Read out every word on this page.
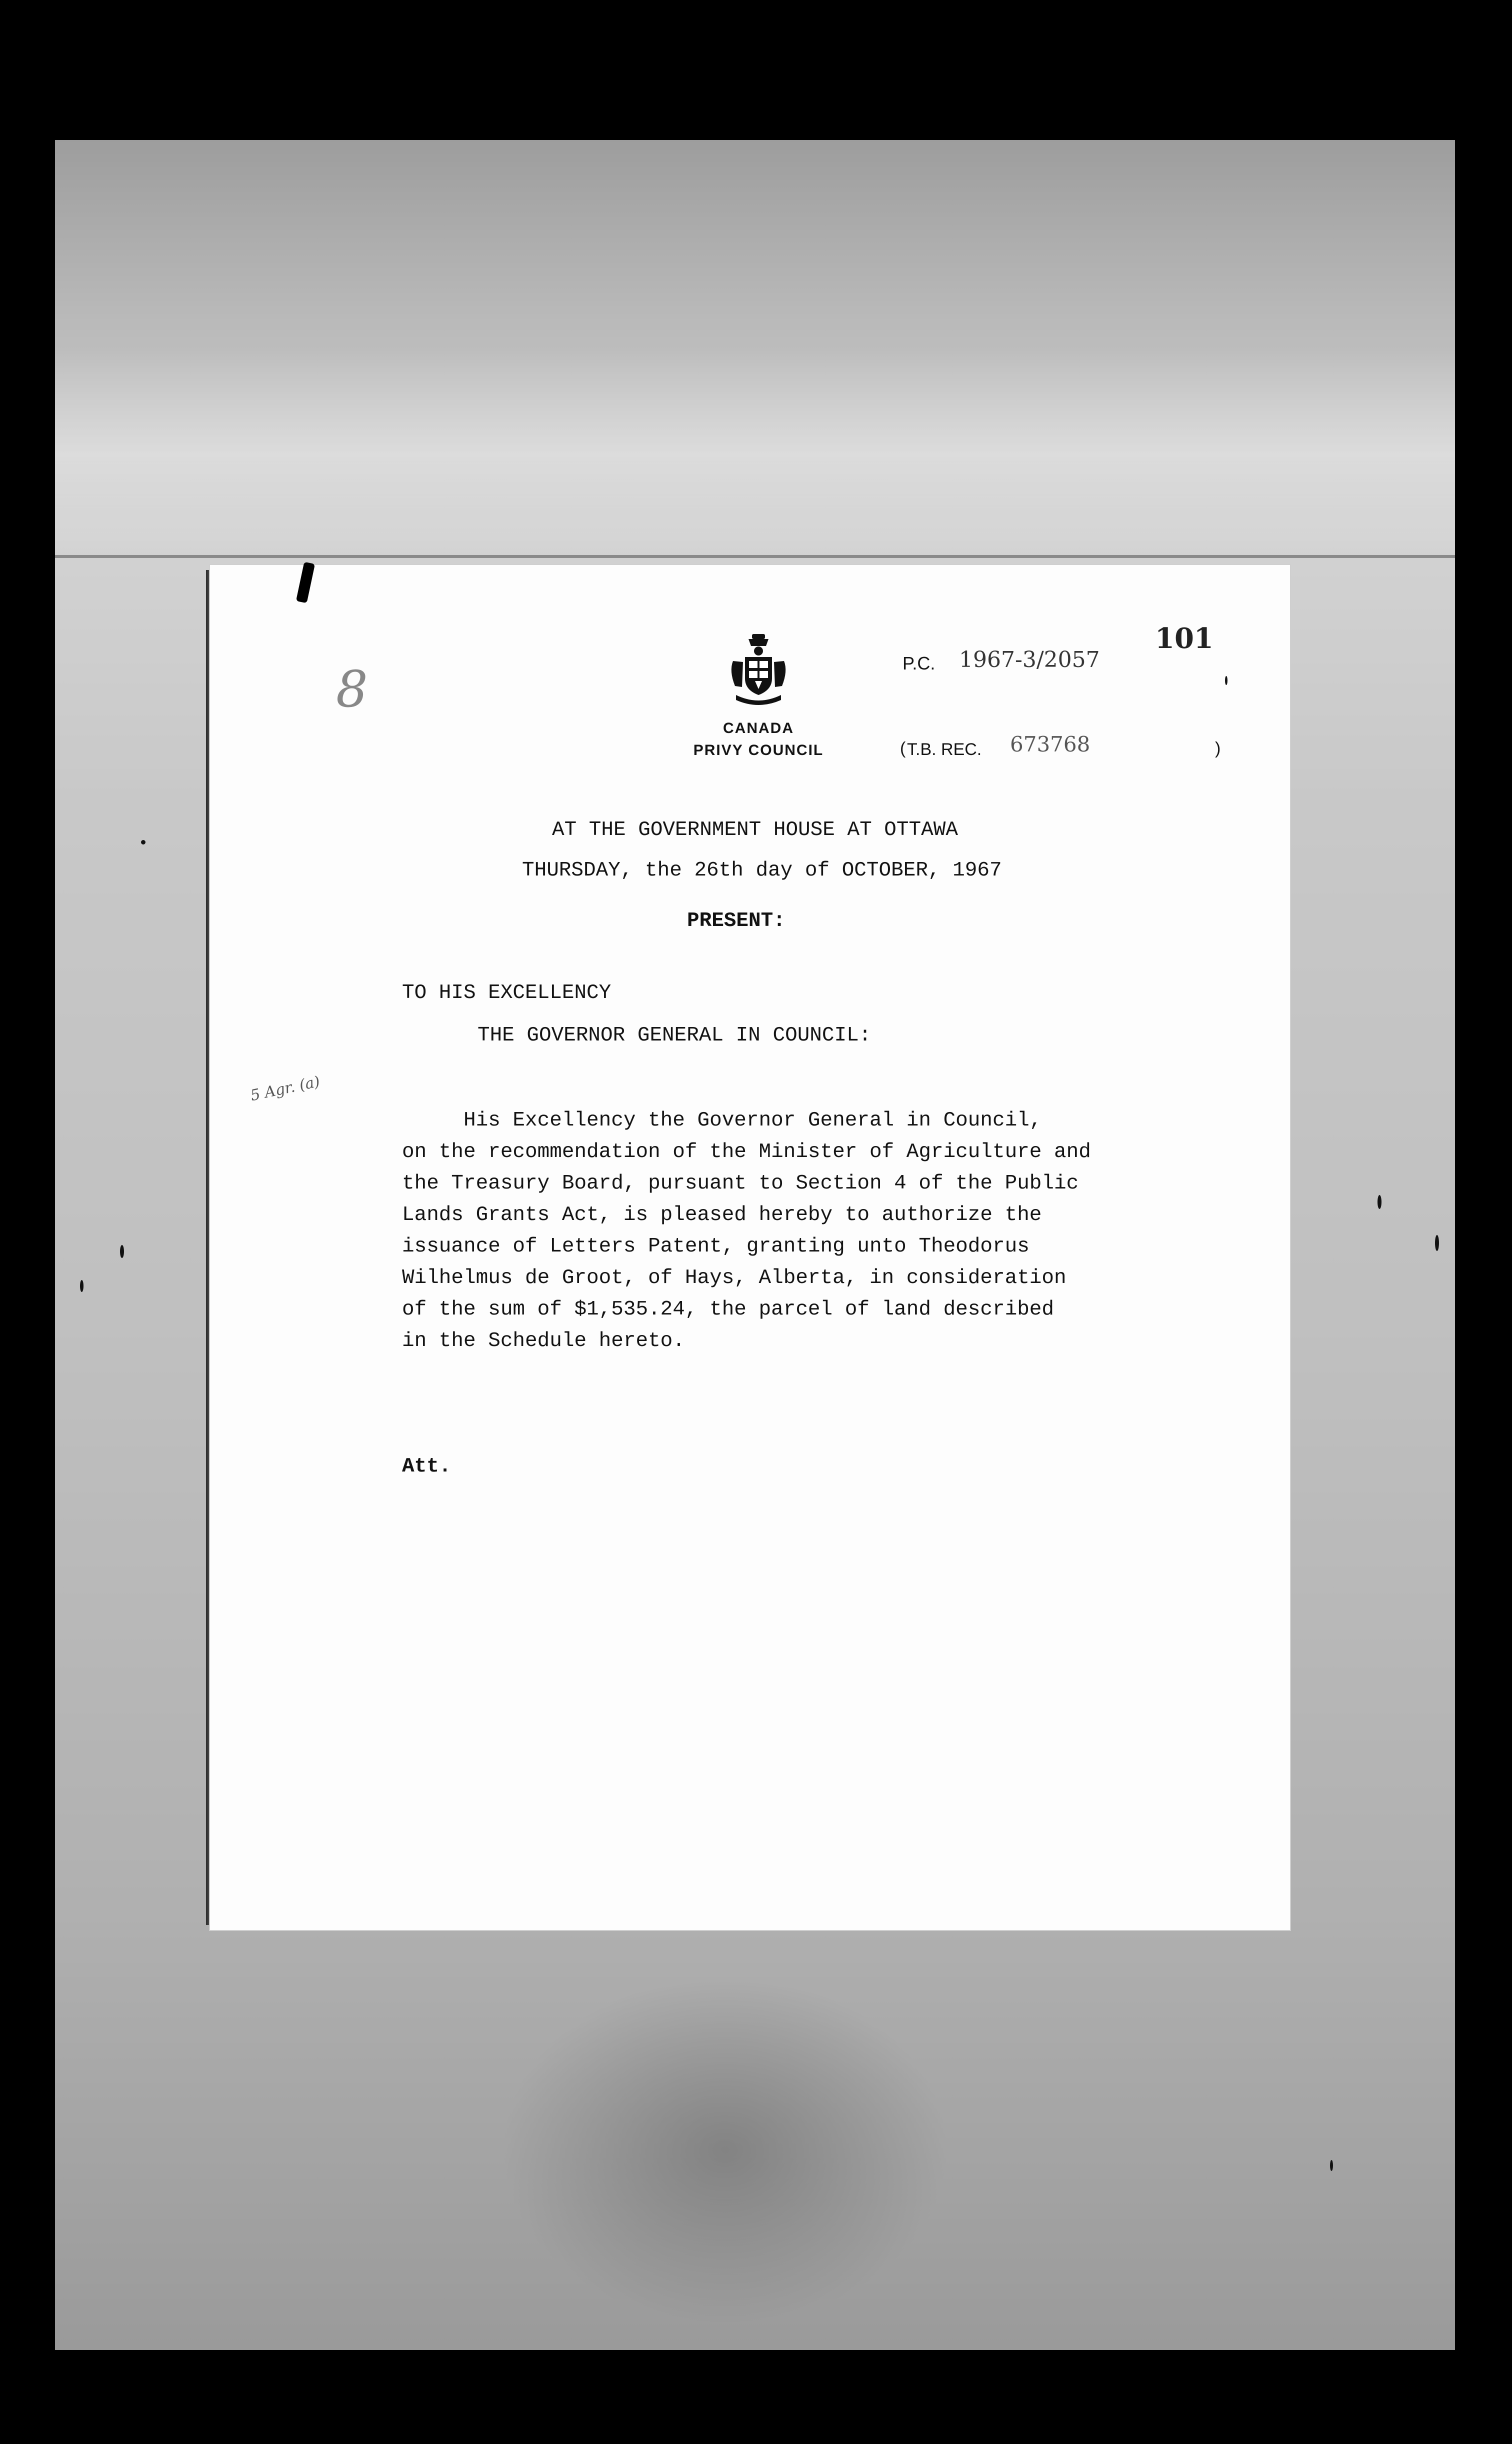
CANADA
PRIVY COUNCIL
P.C. 1967-3/2057
101
( T.B. REC. 673768	)
8
5 Agr. (a)
AT THE GOVERNMENT HOUSE AT OTTAWA
THURSDAY, the 26th day of OCTOBER, 1967
PRESENT:
TO HIS EXCELLENCY
THE GOVERNOR GENERAL IN COUNCIL:
His Excellency the Governor General in Council,
on the recommendation of the Minister of Agriculture and
the Treasury Board, pursuant to Section 4 of the Public
Lands Grants Act, is pleased hereby to authorize the
issuance of Letters Patent, granting unto Theodorus
Wilhelmus de Groot, of Hays, Alberta, in consideration
of the sum of $1,535.24, the parcel of land described
in the Schedule hereto.
Att.
